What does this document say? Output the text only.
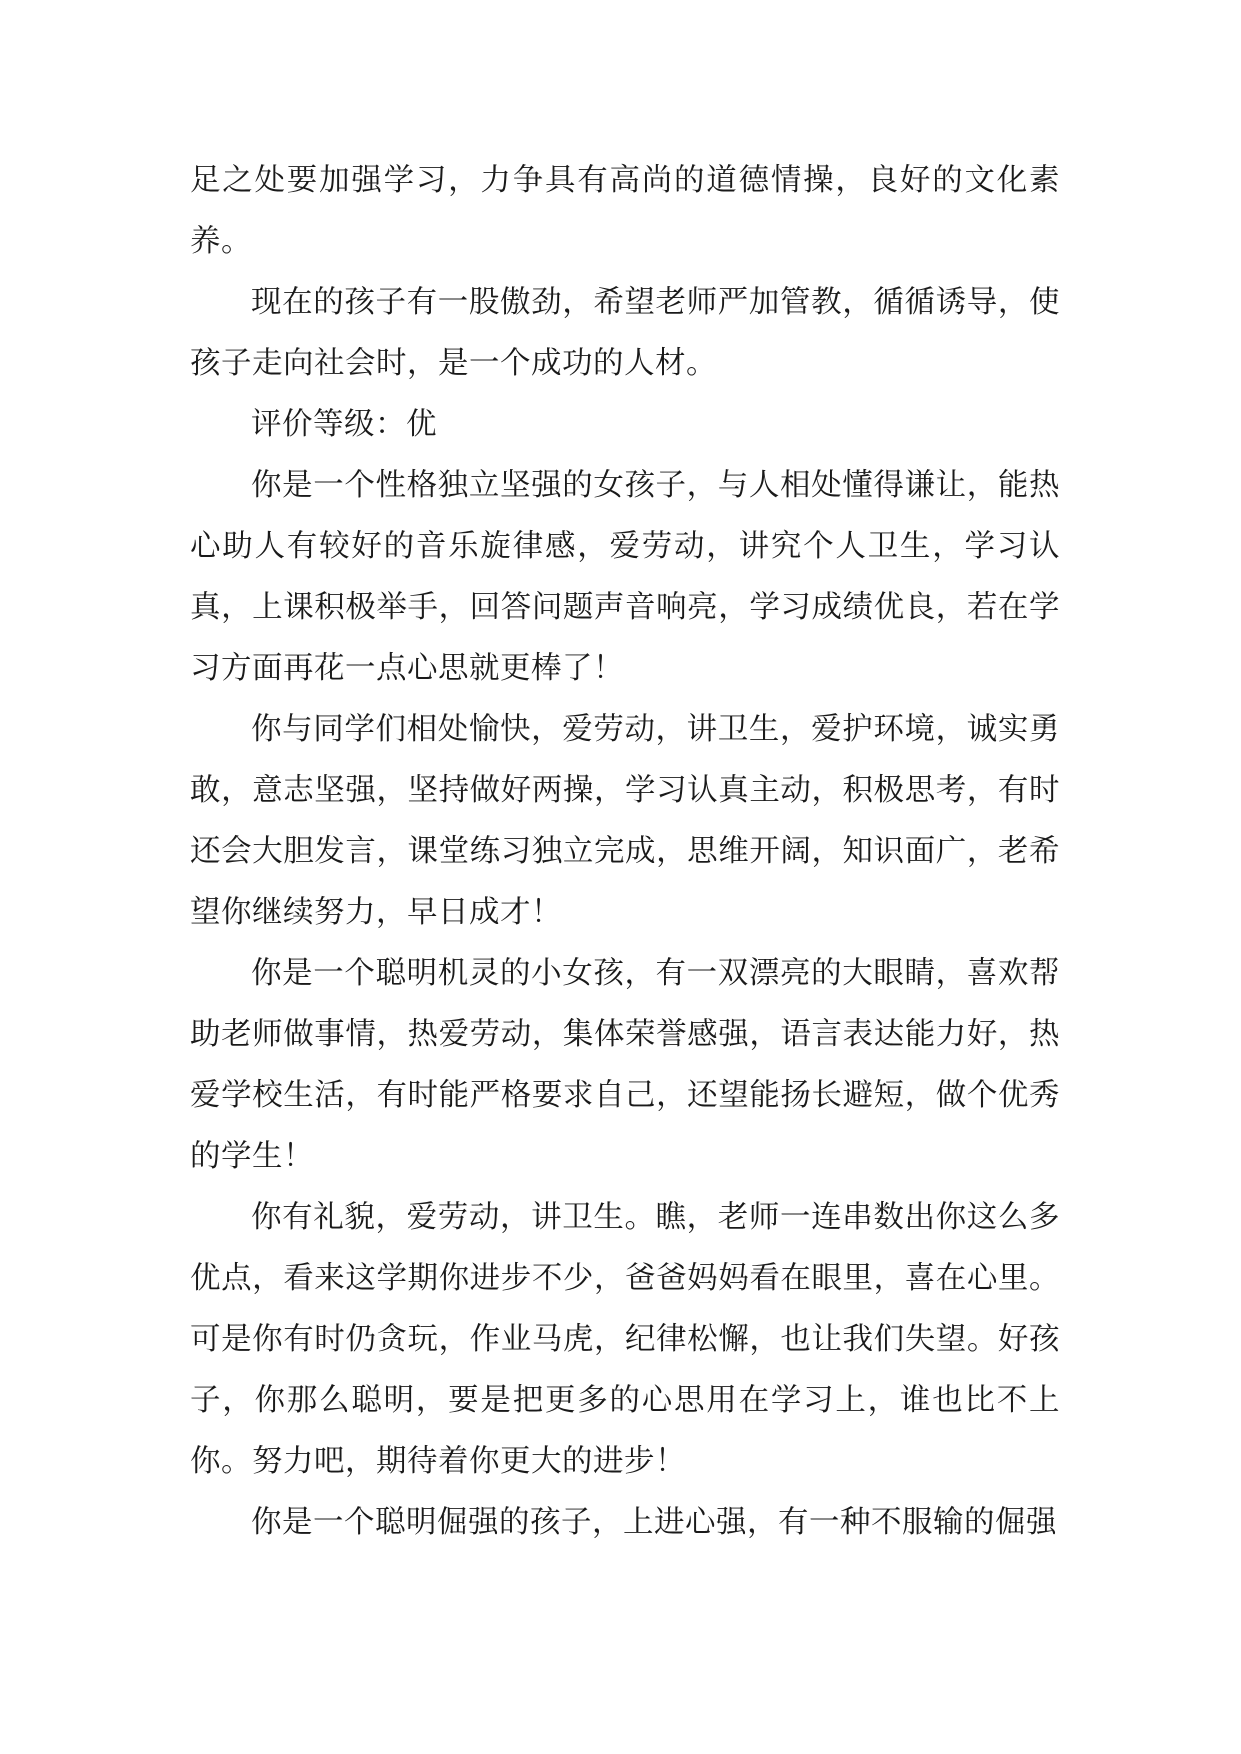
足之处要加强学习，力争具有高尚的道德情操，良好的文化素养。

现在的孩子有一股傲劲，希望老师严加管教，循循诱导，使孩子走向社会时，是一个成功的人材。

评价等级：优

你是一个性格独立坚强的女孩子，与人相处懂得谦让，能热心助人有较好的音乐旋律感，爱劳动，讲究个人卫生，学习认真，上课积极举手，回答问题声音响亮，学习成绩优良，若在学习方面再花一点心思就更棒了！

你与同学们相处愉快，爱劳动，讲卫生，爱护环境，诚实勇敢，意志坚强，坚持做好两操，学习认真主动，积极思考，有时还会大胆发言，课堂练习独立完成，思维开阔，知识面广，老希望你继续努力，早日成才！

你是一个聪明机灵的小女孩，有一双漂亮的大眼睛，喜欢帮助老师做事情，热爱劳动，集体荣誉感强，语言表达能力好，热爱学校生活，有时能严格要求自己，还望能扬长避短，做个优秀的学生！

你有礼貌，爱劳动，讲卫生。瞧，老师一连串数出你这么多优点，看来这学期你进步不少，爸爸妈妈看在眼里，喜在心里。可是你有时仍贪玩，作业马虎，纪律松懈，也让我们失望。好孩子，你那么聪明，要是把更多的心思用在学习上，谁也比不上你。努力吧，期待着你更大的进步！

你是一个聪明倔强的孩子，上进心强，有一种不服输的倔强
